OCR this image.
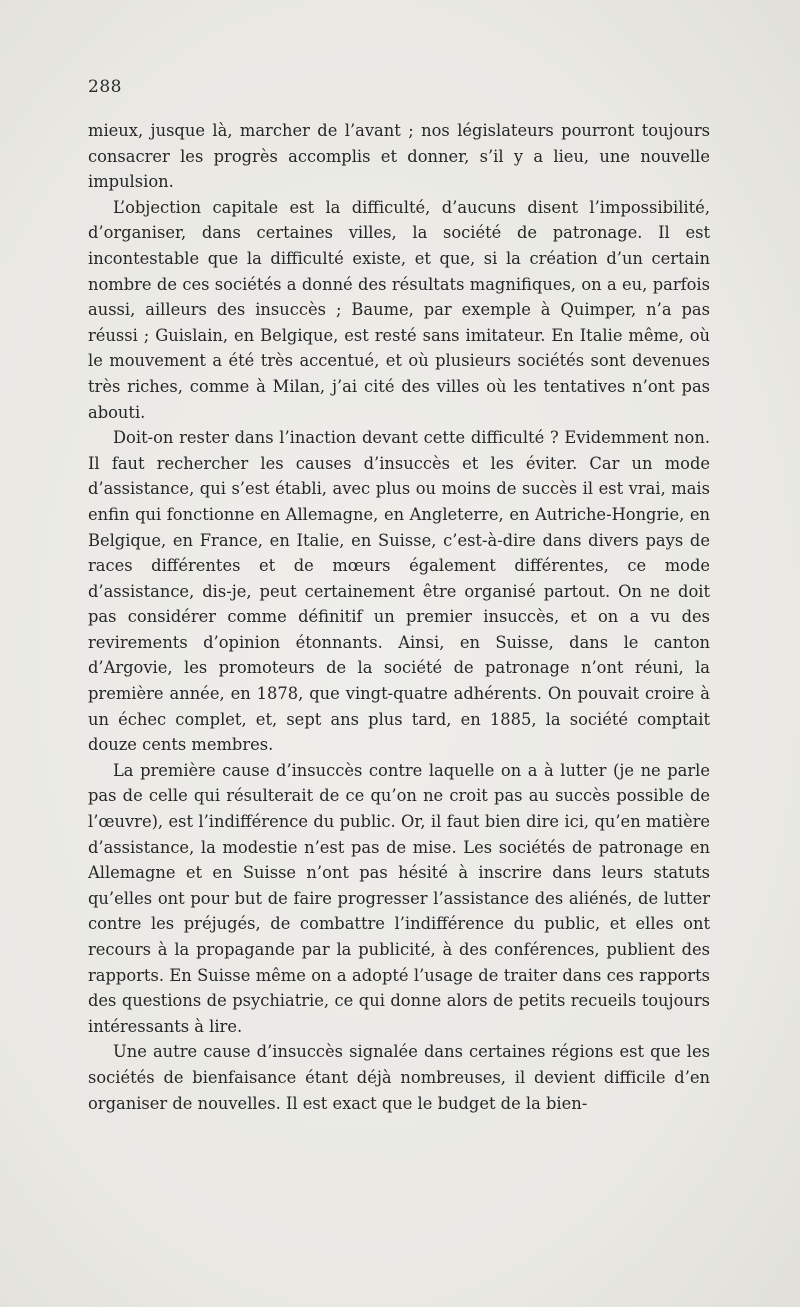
288

mieux, jusque là, marcher de l’avant ; nos législateurs pourront toujours consacrer les progrès accomplis et donner, s’il y a lieu, une nouvelle impulsion.

L’objection capitale est la difficulté, d’aucuns disent l’impossibilité, d’organiser, dans certaines villes, la société de patronage. Il est incontestable que la difficulté existe, et que, si la création d’un certain nombre de ces sociétés a donné des résultats magnifiques, on a eu, parfois aussi, ailleurs des insuccès ; Baume, par exemple à Quimper, n’a pas réussi ; Guislain, en Belgique, est resté sans imitateur. En Italie même, où le mouvement a été très accentué, et où plusieurs sociétés sont devenues très riches, comme à Milan, j’ai cité des villes où les tentatives n’ont pas abouti.

Doit-on rester dans l’inaction devant cette difficulté ? Evidemment non. Il faut rechercher les causes d’insuccès et les éviter. Car un mode d’assistance, qui s’est établi, avec plus ou moins de succès il est vrai, mais enfin qui fonctionne en Allemagne, en Angleterre, en Autriche-Hongrie, en Belgique, en France, en Italie, en Suisse, c’est-à-dire dans divers pays de races différentes et de mœurs également différentes, ce mode d’assistance, dis-je, peut certainement être organisé partout. On ne doit pas considérer comme définitif un premier insuccès, et on a vu des revirements d’opinion étonnants. Ainsi, en Suisse, dans le canton d’Argovie, les promoteurs de la société de patronage n’ont réuni, la première année, en 1878, que vingt-quatre adhérents. On pouvait croire à un échec complet, et, sept ans plus tard, en 1885, la société comptait douze cents membres.

La première cause d’insuccès contre laquelle on a à lutter (je ne parle pas de celle qui résulterait de ce qu’on ne croit pas au succès possible de l’œuvre), est l’indifférence du public. Or, il faut bien dire ici, qu’en matière d’assistance, la modestie n’est pas de mise. Les sociétés de patronage en Allemagne et en Suisse n’ont pas hésité à inscrire dans leurs statuts qu’elles ont pour but de faire progresser l’assistance des aliénés, de lutter contre les préjugés, de combattre l’indifférence du public, et elles ont recours à la propagande par la publicité, à des conférences, publient des rapports. En Suisse même on a adopté l’usage de traiter dans ces rapports des questions de psychiatrie, ce qui donne alors de petits recueils toujours intéressants à lire.

Une autre cause d’insuccès signalée dans certaines régions est que les sociétés de bienfaisance étant déjà nombreuses, il devient difficile d’en organiser de nouvelles. Il est exact que le budget de la bien-
